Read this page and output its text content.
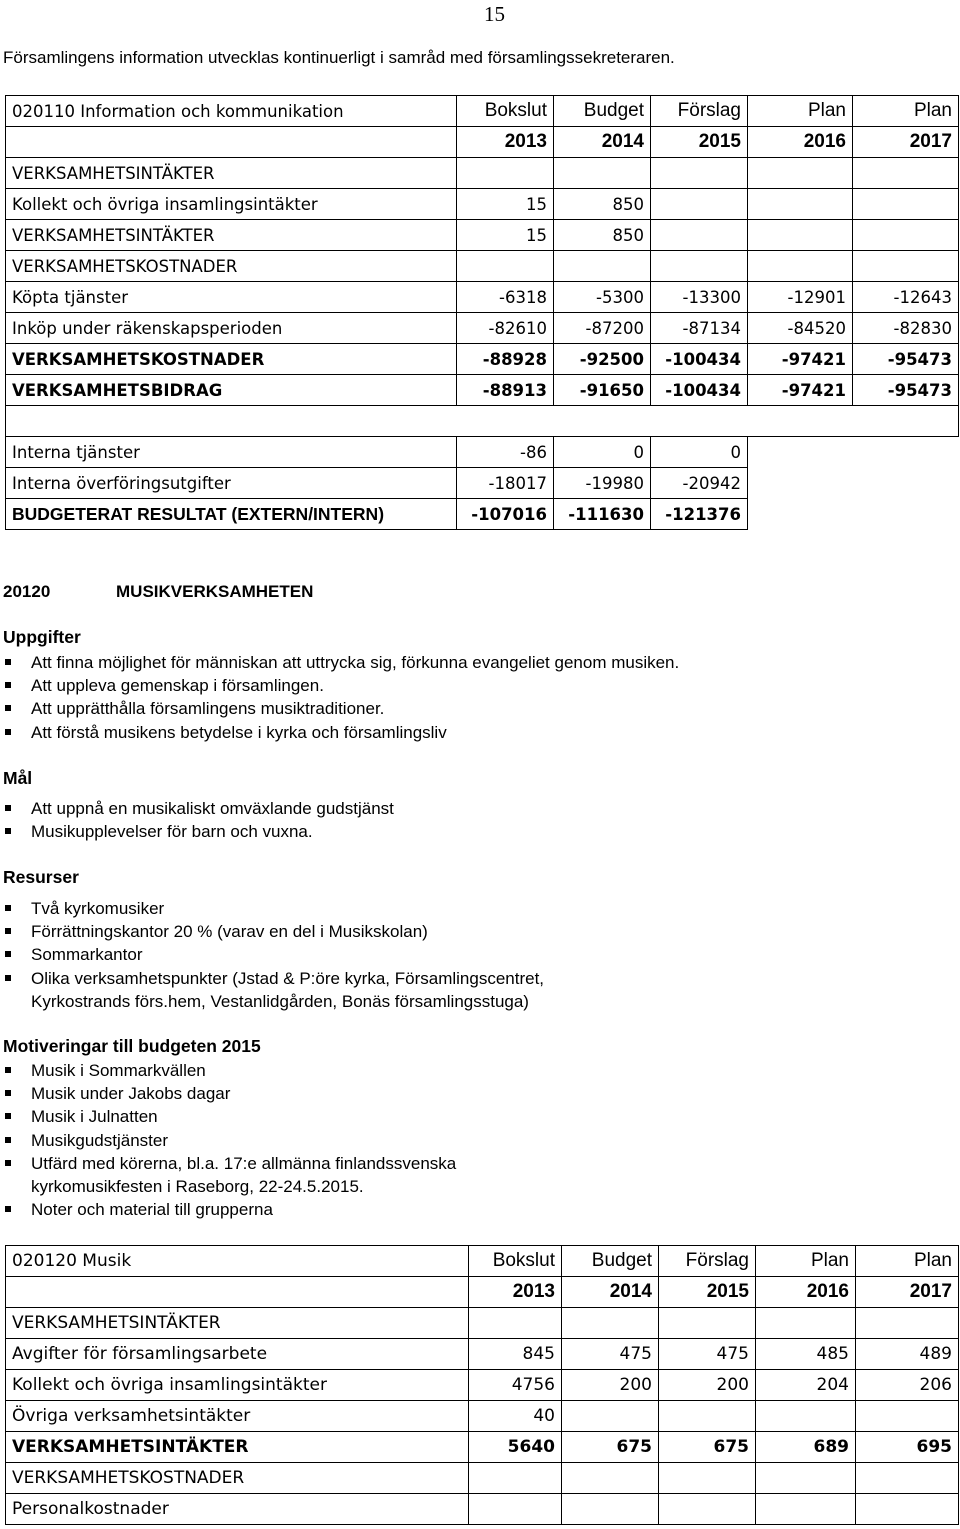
15
Församlingens information utvecklas kontinuerligt i samråd med församlingssekreteraren.
020110 Information och kommunikation	Bokslut	Budget	Förslag	Plan	Plan
	2013	2014	2015	2016	2017
VERKSAMHETSINTÄKTER					
Kollekt och övriga insamlingsintäkter	15	850			
VERKSAMHETSINTÄKTER	15	850			
VERKSAMHETSKOSTNADER					
Köpta tjänster	-6318	-5300	-13300	-12901	-12643
Inköp under räkenskapsperioden	-82610	-87200	-87134	-84520	-82830
VERKSAMHETSKOSTNADER	-88928	-92500	-100434	-97421	-95473
VERKSAMHETSBIDRAG	-88913	-91650	-100434	-97421	-95473

Interna tjänster	-86	0	0		
Interna överföringsutgifter	-18017	-19980	-20942		
BUDGETERAT RESULTAT (EXTERN/INTERN)	-107016	-111630	-121376		
20120	MUSIKVERKSAMHETEN
Uppgifter
Att finna möjlighet för människan att uttrycka sig, förkunna evangeliet genom musiken.
Att uppleva gemenskap i församlingen.
Att upprätthålla församlingens musiktraditioner.
Att förstå musikens betydelse i kyrka och församlingsliv
Mål
Att uppnå en musikaliskt omväxlande gudstjänst
Musikupplevelser för barn och vuxna.
Resurser
Två kyrkomusiker
Förrättningskantor 20 % (varav en del i Musikskolan)
Sommarkantor
Olika verksamhetspunkter (Jstad & P:öre kyrka, Församlingscentret,
Kyrkostrands förs.hem, Vestanlidgården, Bonäs församlingsstuga)
Motiveringar till budgeten 2015
Musik i Sommarkvällen
Musik under Jakobs dagar
Musik i Julnatten
Musikgudstjänster
Utfärd med körerna, bl.a. 17:e allmänna finlandssvenska
kyrkomusikfesten i Raseborg, 22-24.5.2015.
Noter och material till grupperna
020120 Musik	Bokslut	Budget	Förslag	Plan	Plan
	2013	2014	2015	2016	2017
VERKSAMHETSINTÄKTER					
Avgifter för församlingsarbete	845	475	475	485	489
Kollekt och övriga insamlingsintäkter	4756	200	200	204	206
Övriga verksamhetsintäkter	40				
VERKSAMHETSINTÄKTER	5640	675	675	689	695
VERKSAMHETSKOSTNADER					
Personalkostnader					
